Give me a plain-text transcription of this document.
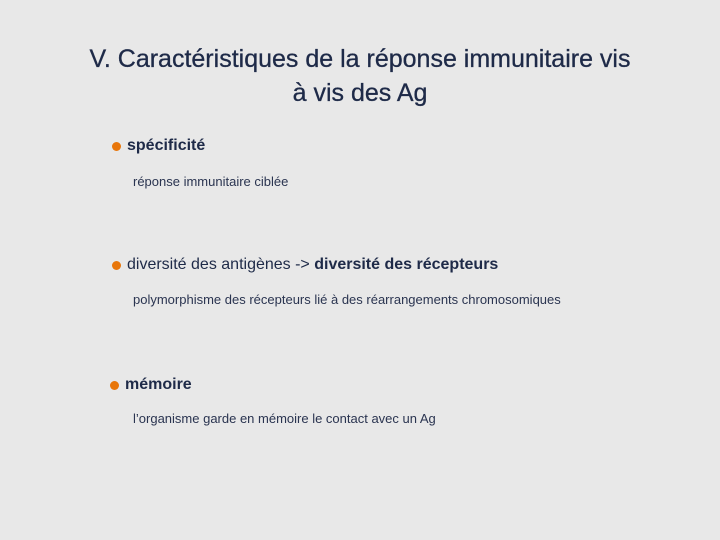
V. Caractéristiques de la réponse immunitaire vis
à vis des Ag
spécificité
réponse immunitaire ciblée
diversité des antigènes -> diversité des récepteurs
polymorphisme des récepteurs lié à des réarrangements chromosomiques
mémoire
l’organisme garde en mémoire le contact avec un Ag
